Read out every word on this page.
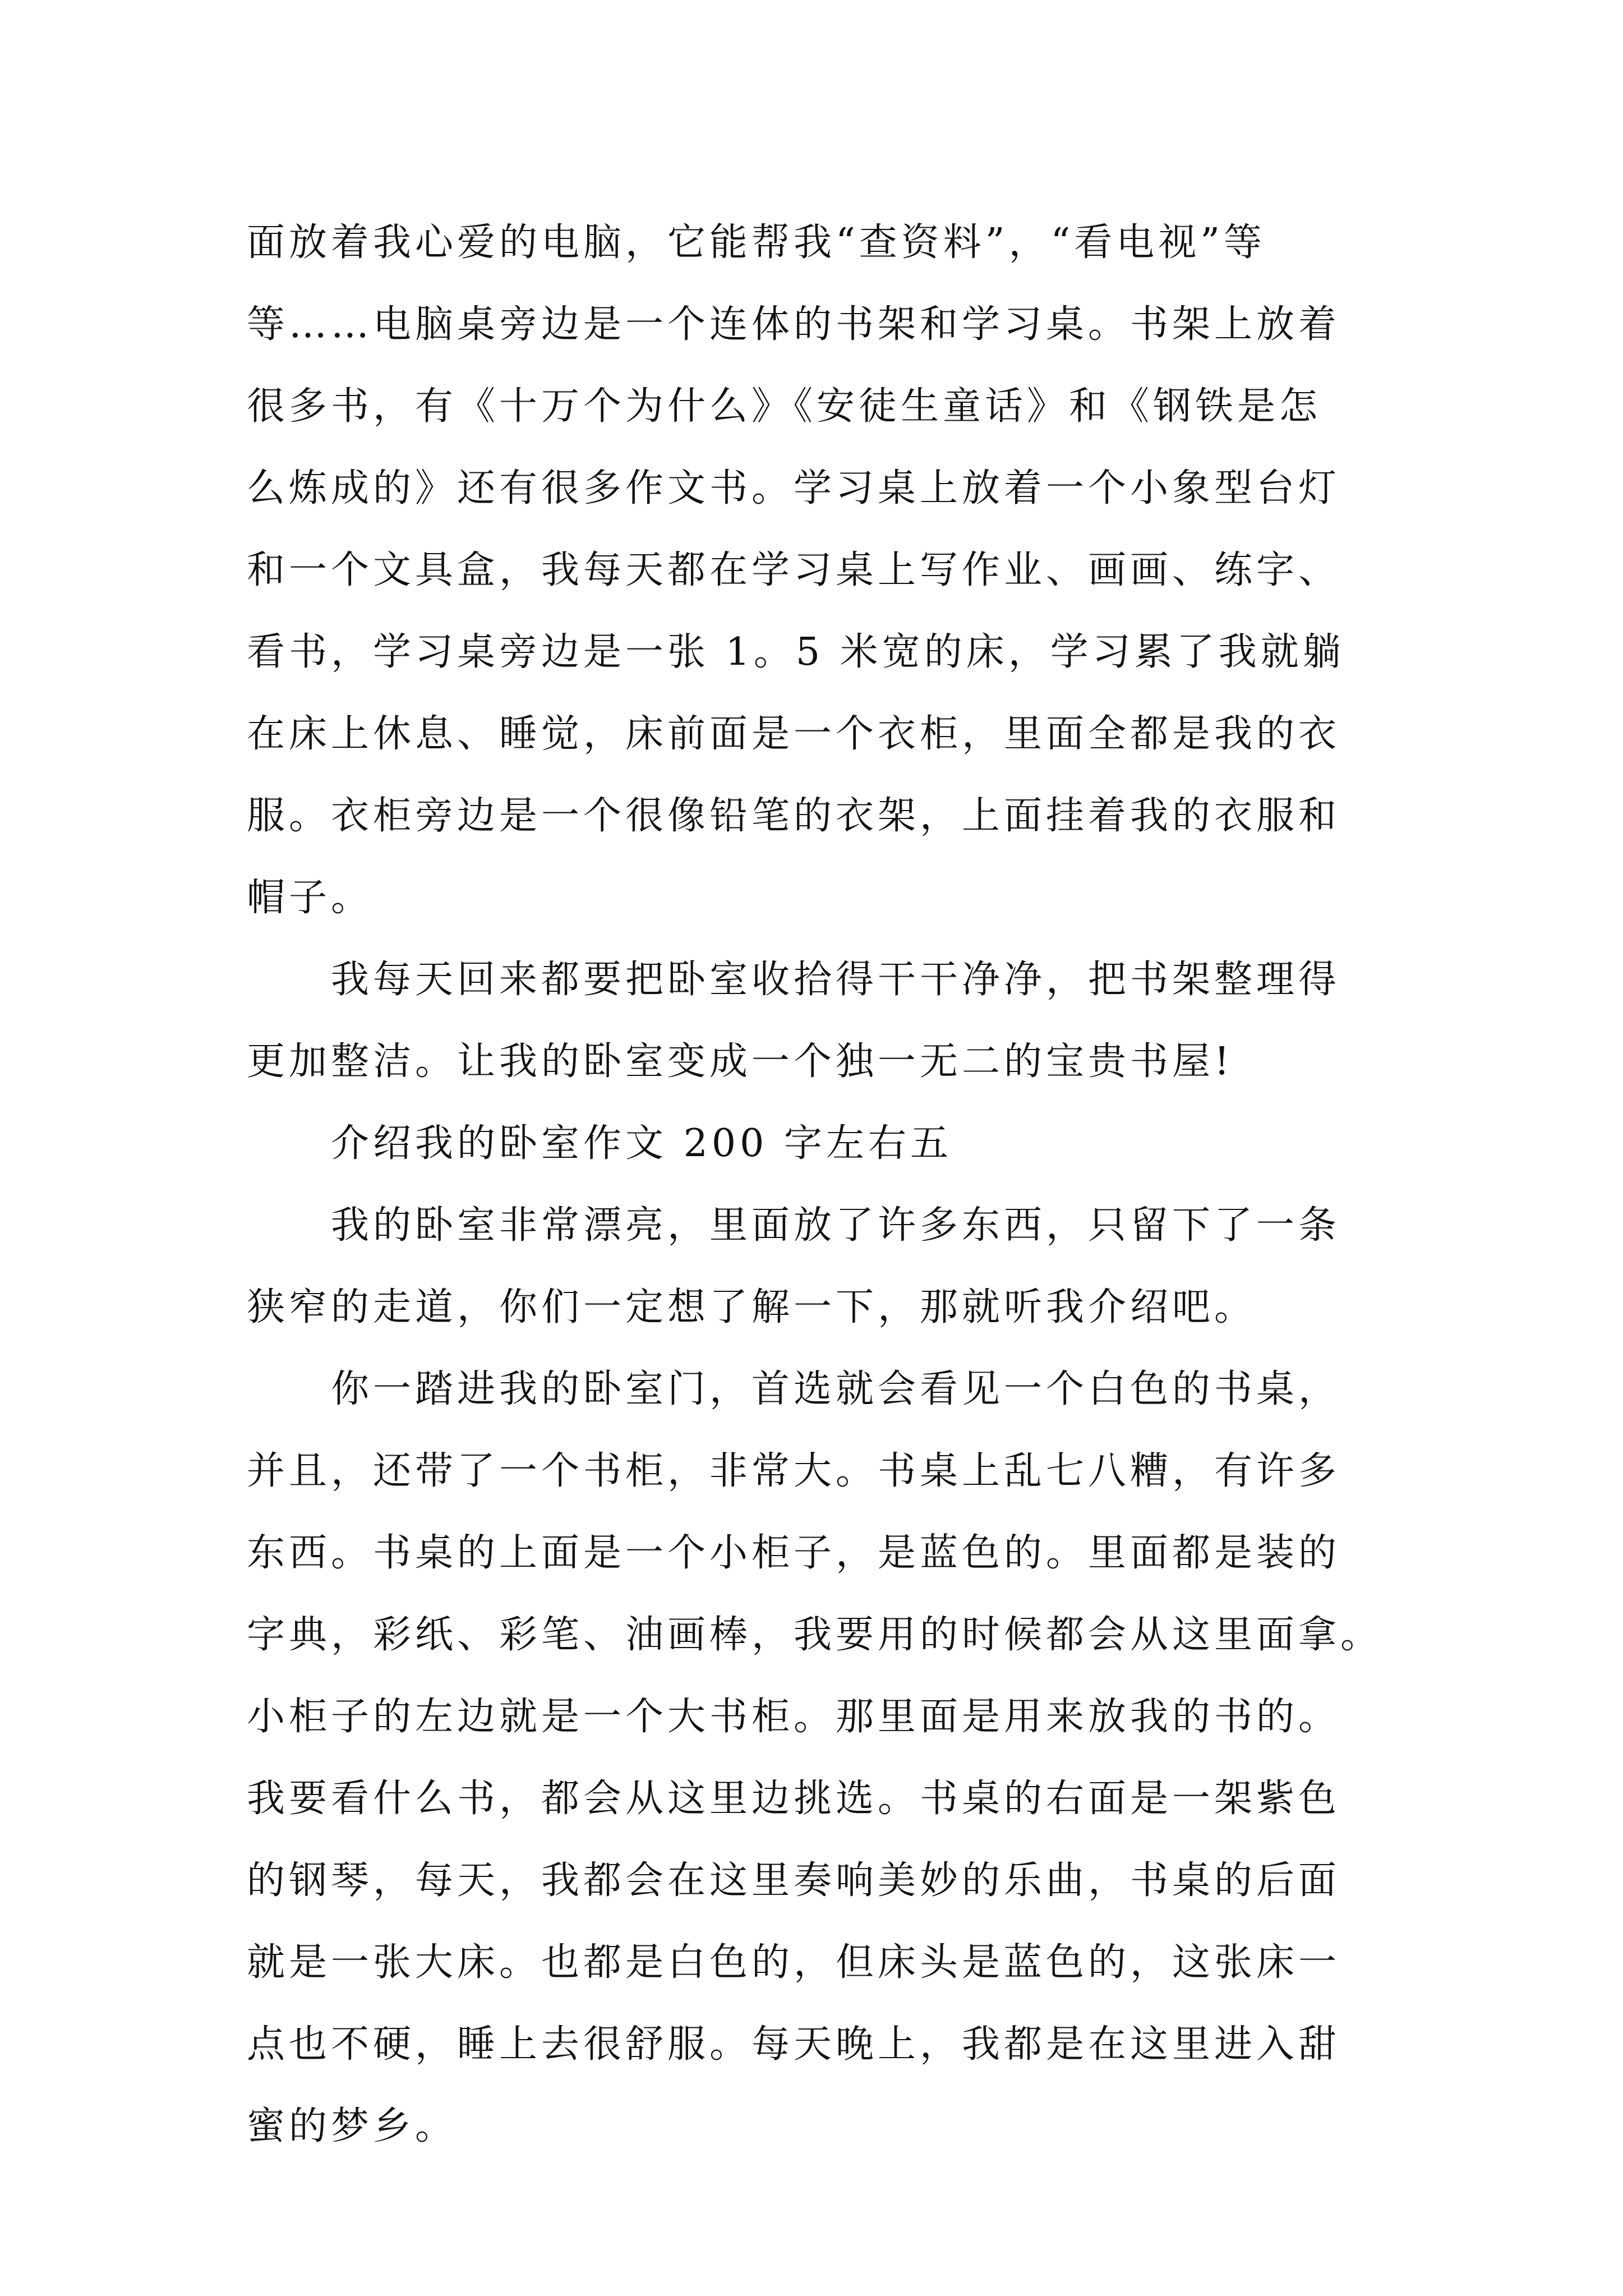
面放着我心爱的电脑，它能帮我“查资料”，“看电视”等
等……电脑桌旁边是一个连体的书架和学习桌。书架上放着
很多书，有《十万个为什么》《安徒生童话》和《钢铁是怎
么炼成的》还有很多作文书。学习桌上放着一个小象型台灯
和一个文具盒，我每天都在学习桌上写作业、画画、练字、
看书，学习桌旁边是一张 1。5 米宽的床，学习累了我就躺
在床上休息、睡觉，床前面是一个衣柜，里面全都是我的衣
服。衣柜旁边是一个很像铅笔的衣架，上面挂着我的衣服和
帽子。
我每天回来都要把卧室收拾得干干净净，把书架整理得
更加整洁。让我的卧室变成一个独一无二的宝贵书屋!
介绍我的卧室作文 200 字左右五
我的卧室非常漂亮，里面放了许多东西，只留下了一条
狭窄的走道，你们一定想了解一下，那就听我介绍吧。
你一踏进我的卧室门，首选就会看见一个白色的书桌，
并且，还带了一个书柜，非常大。书桌上乱七八糟，有许多
东西。书桌的上面是一个小柜子，是蓝色的。里面都是装的
字典，彩纸、彩笔、油画棒，我要用的时候都会从这里面拿。
小柜子的左边就是一个大书柜。那里面是用来放我的书的。
我要看什么书，都会从这里边挑选。书桌的右面是一架紫色
的钢琴，每天，我都会在这里奏响美妙的乐曲，书桌的后面
就是一张大床。也都是白色的，但床头是蓝色的，这张床一
点也不硬，睡上去很舒服。每天晚上，我都是在这里进入甜
蜜的梦乡。
